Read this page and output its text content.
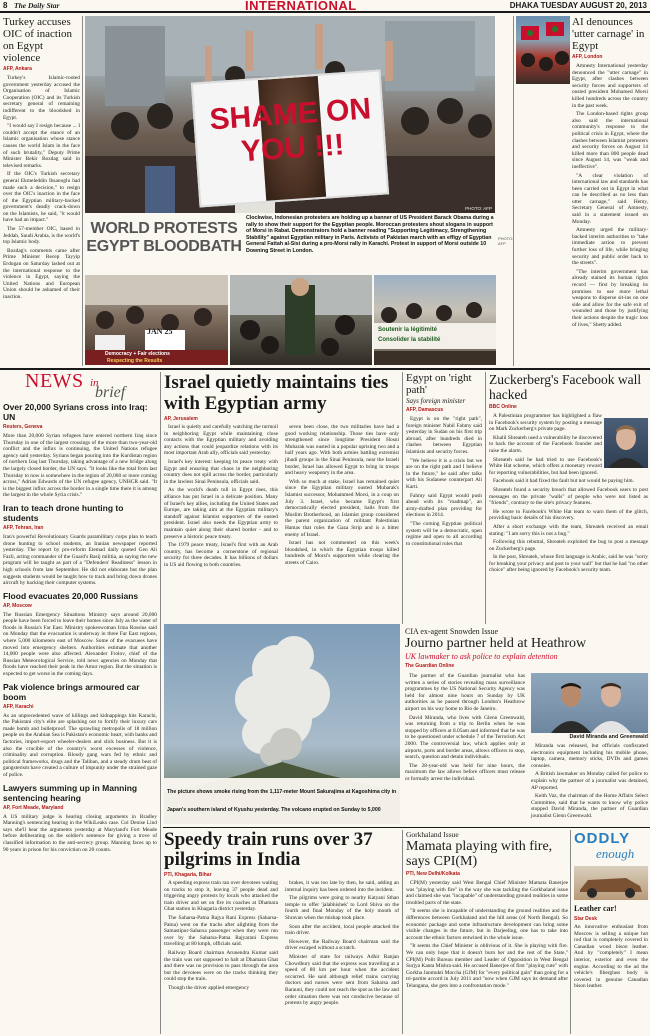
8 The Daily Star	INTERNATIONAL	DHAKA TUESDAY AUGUST 20, 2013
Turkey accuses OIC of inaction on Egypt violence
AFP, Ankara

Turkey's Islamic-rooted government yesterday accused the Organisation of Islamic Cooperation (OIC) and its Turkish secretary general of remaining indifferent to the bloodshed in Egypt.

"I would say I resign because ... I couldn't accept the stance of an Islamic organisation whose stance causes the world Islam in the face of such brutality," Deputy Prime Minister Bekir Bozdag said in televised remarks.

If the OIC's Turkish secretary general Ekmeleddin Ihsanoglu had made such a decision," to resign over the OIC's inaction in the face of the Egyptian military-backed government's deadly crack-down on the Islamists, he said, "it would have had an impact."

The 57-member OIC, based in Jeddah, Saudi Arabia, is the world's top Islamic body.

Bozdag's comments came after Prime Minister Recep Tayyip Erdogan on Saturday lashed out at the international response to the violence in Egypt, saying the United Nations and European Union should be ashamed of their inaction.

SHAME ON YOU !!!
PHOTO: AFP
WORLD PROTESTS EGYPT BLOODBATH
Clockwise, Indonesian protesters are holding up a banner of US President Barack Obama during a rally to show their support for the Egyptian people. Moroccan protesters shout slogans in support of Morsi in Rabat. Demonstrators hold a banner reading "Supporting Legitimacy, Strengthening Stability" against Egyptian military in Paris. Activists of Pakistan march with an effigy of Egyptian General Fattah al-Sisi during a pro-Morsi rally in Karachi. Protest in support of Morsi outside 10 Downing Street in London.
PHOTO: AFP
JAN 25
Democracy + Fair elections
Respecting the Results
Soutenir la légitimité
Consolider la stabilité
AI denounces 'utter carnage' in Egypt
AFP, London

Amnesty International yesterday denounced the "utter carnage" in Egypt, after clashes between security forces and supporters of ousted president Mohamed Morsi killed hundreds across the country in the past week.

The London-based rights group also said the international community's response to the political crisis in Egypt, where the clashes between Islamist protesters and security forces on August 14 killed more than 800 people dead since August 14, was "weak and ineffective".

"A clear violation of international law and standards has been carried out in Egypt in what can be described as no less than utter carnage," said Hemy, Secretary General of Amnesty, said in a statement issued on Monday.

Amnesty urged the military-backed interim authorities to "take immediate action to prevent further loss of life, while bringing security and public order back to the streets".

"The interim government has already stained its human rights record — first by breaking its promises to use more lethal weapons to disperse sit-ins on one side and allow for the safe exit of wounded and those by justifying their actions despite the tragic loss of lives," Shetty added.

NEWS in
brief
Over 20,000 Syrians cross into Iraq: UN
Reuters, Geneva
More than 20,000 Syrian refugees have entered northern Iraq since Thursday in one of the largest crossings of the more than two-year-old conflict and the influx is continuing, the United Nations refugee agency said yesterday. Syrians began pouring into the Kurdistan region of northern Iraq last Thursday, taking advantage of a new bridge along the largely closed border, the UN says. "It looks like the total from last Thursday to now is somewhere in the region of 20,000 or more coming across," Adrian Edwards of the UN refugee agency, UNHCR said. "It is the biggest influx across the border in a single time there it is among the largest in the whole Syria crisis."
Iran to teach drone hunting to students
AFP, Tehran, Iran
Iran's powerful Revolutionary Guards paramilitary corps plan to teach drone hunting to school students, an Iranian newspaper reported yesterday. The report by pro-reform Etemad daily quoted Gen Ali Fazli, acting commander of the Guard's Basij militia, as saying the new program will be taught as part of a "Defenders' Readiness" lesson in high schools from late September. He did not elaborate but the plan suggests students would be taught how to track and bring down drones aircraft by hacking their computer systems.
Flood evacuates 20,000 Russians
AP, Moscow
The Russian Emergency Situations Ministry says around 20,000 people have been forced to leave their homes since July as the water of floods in Russia's Far East. Ministry spokeswoman Irina Rossius said on Monday that the evacuation is underway in three Far East regions, where 5,000 kilometers east of Moscow. Some of the evacuees have moved into emergency shelters. Authorities estimate that another 14,000 people were also affected. Alexander Frolov, chief of the Russian Meteorological Service, told news agencies on Monday that floods have reached their peak in the Amur region. But the situation is expected to get worse in the coming days.
Pak violence brings armoured car boom
AFP, Karachi
As an unprecedented wave of killings and kidnappings hits Karachi, the Pakistani city's elite are splashing out to fortify their luxury cars made bomb and bulletproof. The sprawling metropolis of 18 million people on the Arabian Sea is Pakistan's economic heart, with banks and factories, import-export wheeler-dealers and slick business. But it is also the crucible of the country's worst excesses of violence, criminality and corruption. Bloody gang wars fed by ethnic and political frameworks, drugs and the Taliban, and a steady drum beat of gangsterism have created a culture of impunity under the strained gaze of police.
Lawyers summing up in Manning sentencing hearing
AP, Fort Meade, Maryland
A US military judge is hearing closing arguments in Bradley Manning's sentencing hearing in the WikiLeaks case. Col Denise Lind says she'll hear the arguments yesterday at Maryland's Fort Meade before deliberating on the soldier's sentence for giving a trove of classified information to the anti-secrecy group. Manning faces up to 90 years in prison for his conviction on 20 counts.
Israel quietly maintains ties with Egyptian army
AP, Jerusalem

Israel is quietly and carefully watching the turmoil in neighboring Egypt while maintaining close contacts with the Egyptian military and avoiding any actions that could jeopardize relations with its most important Arab ally, officials said yesterday.

Israel's key interest: keeping its peace treaty with Egypt and ensuring that chaos in the neighboring country does not spill across the border, particularly in the lawless Sinai Peninsula, officials said.

As the world's death toll in Egypt rises, this alliance has put Israel in a delicate position. Many of Israel's key allies, including the United States and Europe, are taking aim at the Egyptian military's standoff against Islamist supporters of the ousted president. Israel also needs the Egyptian army to maintain quiet along their shared border - and to preserve a historic peace treaty.

The 1979 peace treaty, Israel's first with an Arab country, has become a cornerstone of regional security for three decades. It has billions of dollars in US aid flowing to both countries.

seven been close, the two militaries have had a good working relationship. Those ties have only strengthened since longtime President Hosni Mubarak was ousted in a popular uprising two and a half years ago. With both armies battling extremist jihadi groups in the Sinai Peninsula, near the Israeli border, Israel has allowed Egypt to bring in troops and heavy weaponry in the area.

With so much at stake, Israel has remained quiet since the Egyptian military ousted Mubarak's Islamist successor, Mohammed Morsi, in a coup on July 3. Israel, who became Egypt's first democratically elected president, hails from the Muslim Brotherhood, an Islamist group considered the parent organization of militant Palestinian Hamas that rules the Gaza Strip and is a bitter enemy of Israel.

Israel has not commented on this week's bloodshed, in which the Egyptian troops killed hundreds of Morsi's supporters while clearing the streets of Cairo.

Egypt on 'right path'
Says foreign minister
AFP, Damascus

Egypt is on the "right path", foreign minister Nabil Fahmy said yesterday in Sudan on his first trip abroad, after hundreds died in clashes between Egyptian Islamists and security forces.

"We believe it is a crisis but we are on the right path and I believe in the future," he said after talks with his Sudanese counterpart Ali Karti.

Fahmy said Egypt would push ahead with its "roadmap", an army-drafted plan providing for elections in 2014.

"The coming Egyptian political system will be a democratic, open regime and open to all according to constitutional rules that

Zuckerberg's Facebook wall hacked
BBC Online

A Palestinian programmer has highlighted a flaw in Facebook's security system by posting a message on Mark Zuckerberg's private page.

Khalil Shreateh used a vulnerability he discovered to hack the account of the Facebook founder and raise the alarm.

Shreateh said he had tried to use Facebook's White Hat scheme, which offers a monetary reward for reporting vulnerabilities, but had been ignored.

Facebook said it had fixed the fault but not would be paying him.

Shreateh found a security breach that allowed Facebook users to post messages on the private "walls" of people who were not listed as "friends", contrary to the site's privacy features.

He wrote to Facebook's White Hat team to warn them of the glitch, providing basic details of his discovery.

After a short exchange with the team, Shreateh received an email stating: "I am sorry this is not a bug."

Following this rebuttal, Shreateh exploited the bug to post a message on Zuckerberg's page.

In the post, Shreateh, whose first language is Arabic, said he was "sorry for breaking your privacy and post to your wall" but that he had "no other choice" after being ignored by Facebook's security team.

The picture shows smoke rising from the 1,117-meter Mount Sakurajima at Kagoshima city in Japan's southern island of Kyushu yesterday. The volcano erupted on Sunday to 5,000
CIA ex-agent Snowden Issue
Journo partner held at Heathrow
UK lawmaker to ask police to explain detention
The Guardian Online

The partner of the Guardian journalist who has written a series of stories revealing mass surveillance programmes by the US National Security Agency was held for almost nine hours on Sunday by UK authorities as he passed through London's Heathrow airport on his way home to Rio de Janeiro.

David Miranda, who lives with Glenn Greenwald, was returning from a trip to Berlin when he was stopped by officers at 8.05am and informed that he was to be questioned under schedule 7 of the Terrorism Act 2000. The controversial law, which applies only at airports, ports and border areas, allows officers to stop, search, question and detain individuals.

The 28-year-old was held for nine hours, the maximum the law allows before officers must release or formally arrest the individual.

David Miranda and Greenwald

Miranda was released, but officials confiscated electronics equipment including his mobile phone, laptop, camera, memory sticks, DVDs and games consoles.

A British lawmaker on Monday called for police to explain why the partner of a journalist was detained, AP reported.

Keith Vaz, the chairman of the Home Affairs Select Committee, said that he wants to know why police stopped David Miranda, the partner of Guardian journalist Glenn Greenwald.

Speedy train runs over 37 pilgrims in India
PTI, Khagaria, Bihar

A speeding express train ran over devotees waiting on tracks to stop it, leaving 37 people dead and triggering angry protests by locals who attacked the train driver and set on fire its coaches at Dhamara Ghat station in Khagaria district yesterday.

The Saharsa-Patna Rajya Rani Express (Saharsa-Patna) went on the tracks after alighting from the Samastipur-Saharsa passenger when they were run over by the Saharsa-Patna Rajyarani Express travelling at 80 kmph, officials said.

Railway Board chairman Arunendra Kumar said the train was not supposed to halt at Dhamara Ghat and there was no provision to pass through the area but the devotees were on the tracks thinking they could stop the train.

Though the driver applied emergency

brakes, it was too late by then, he said, adding an internal inquiry has been ordered into the incident.

The pilgrims were going to nearby Katyani Sthan temple to offer 'jalabhishek' to Lord Shiva on the fourth and final Monday of the holy month of Shravan when the mishap took place.

Soon after the accident, local people attacked the train driver.

However, the Railway Board chairman said the driver escaped without a scratch.

Minister of state for railways Adhir Ranjan Chowdhury said that the express was travelling at a speed of 80 km per hour when the accident occurred. He said although relief trains carrying doctors and nurses were sent from Saharsa and Barauni, they could not reach the spot as the law and order situation there was not conducive because of protests by angry people.

Gorkhaland Issue
Mamata playing with fire, says CPI(M)
PTI, New Delhi/Kolkata

CPI(M) yesterday said West Bengal Chief Minister Mamata Banerjee was "playing with fire" in the way she was tackling the Gorkhaland issue and claimed she was "incapable" of understanding ground realities in some troubled parts of the state.

"It seems she is incapable of understanding the ground realities and the differences between Gorkhaland and the hill areas (of North Bengal). So economic package and some infrastructure development can bring some visible changes in the future, but in Darjeeling, one has to take into account the ethnic factors entwined in the whole issue.

"It seems the Chief Minister is oblivious of it. She is playing with fire. We can only hope that it doesn't burn her and the rest of the State," CPI(M) Polit Bureau member and Leader of Opposition in West Bengal Surjya Kanta Mishra said. He accused Banerjee of first "playing cute" with Gorkha Janmukti Morcha (GJM) for "every political gain" than going for a tri-partite accord in July 2011 and "now when GJM says its demand after Telangana, she gets into a confrontation mode."

ODDLY
enough
Leather car!
Star Desk
An innovative enthusiast from Moscow is selling a unique hot rod that is completely covered in Canadian wood bison leather. And by "completely" I mean interior, exterior and even the engine. According to the ad the vehicle's fiberglass body is covered in genuine Canadian bison leather.
